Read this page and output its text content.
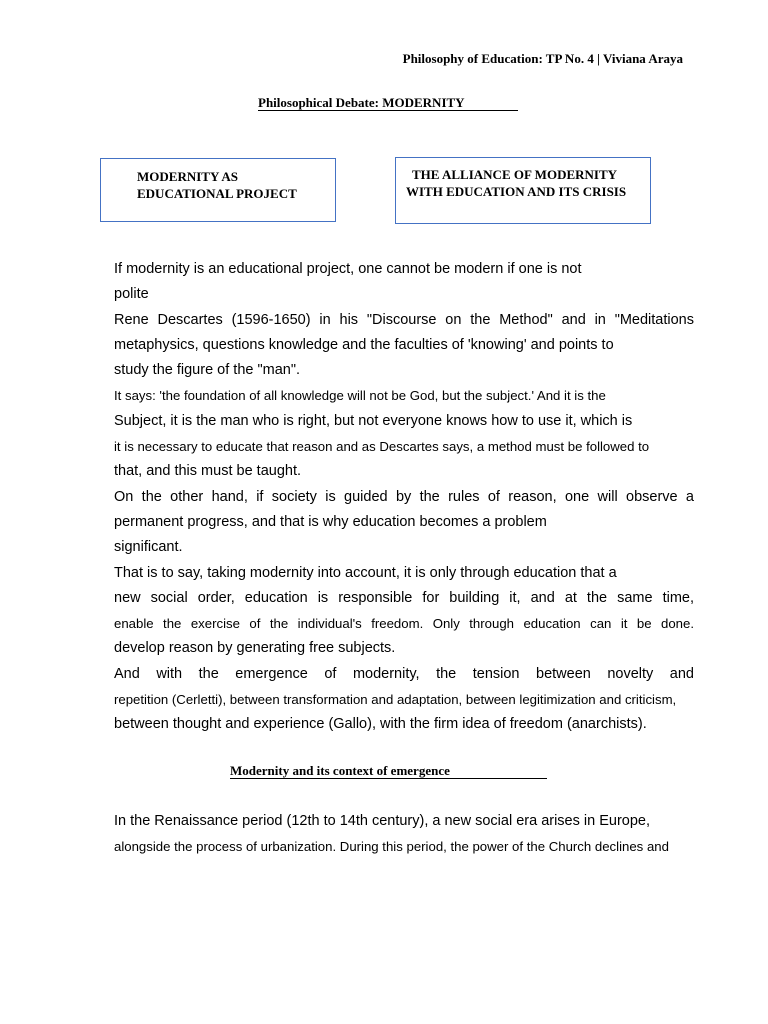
Philosophy of Education: TP No. 4 | Viviana Araya
Philosophical Debate: MODERNITY
MODERNITY AS
EDUCATIONAL PROJECT
THE ALLIANCE OF MODERNITY
WITH EDUCATION AND ITS CRISIS
If modernity is an educational project, one cannot be modern if one is not
polite
Rene Descartes (1596-1650) in his "Discourse on the Method" and in "Meditations
metaphysics, questions knowledge and the faculties of 'knowing' and points to
study the figure of the "man".
It says: 'the foundation of all knowledge will not be God, but the subject.' And it is the
Subject, it is the man who is right, but not everyone knows how to use it, which is
it is necessary to educate that reason and as Descartes says, a method must be followed to
that, and this must be taught.
On the other hand, if society is guided by the rules of reason, one will observe a
permanent progress, and that is why education becomes a problem
significant.
That is to say, taking modernity into account, it is only through education that a
new social order, education is responsible for building it, and at the same time,
enable the exercise of the individual's freedom. Only through education can it be done.
develop reason by generating free subjects.
And with the emergence of modernity, the tension between novelty and
repetition (Cerletti), between transformation and adaptation, between legitimization and criticism,
between thought and experience (Gallo), with the firm idea of freedom (anarchists).
Modernity and its context of emergence
In the Renaissance period (12th to 14th century), a new social era arises in Europe,
alongside the process of urbanization. During this period, the power of the Church declines and
